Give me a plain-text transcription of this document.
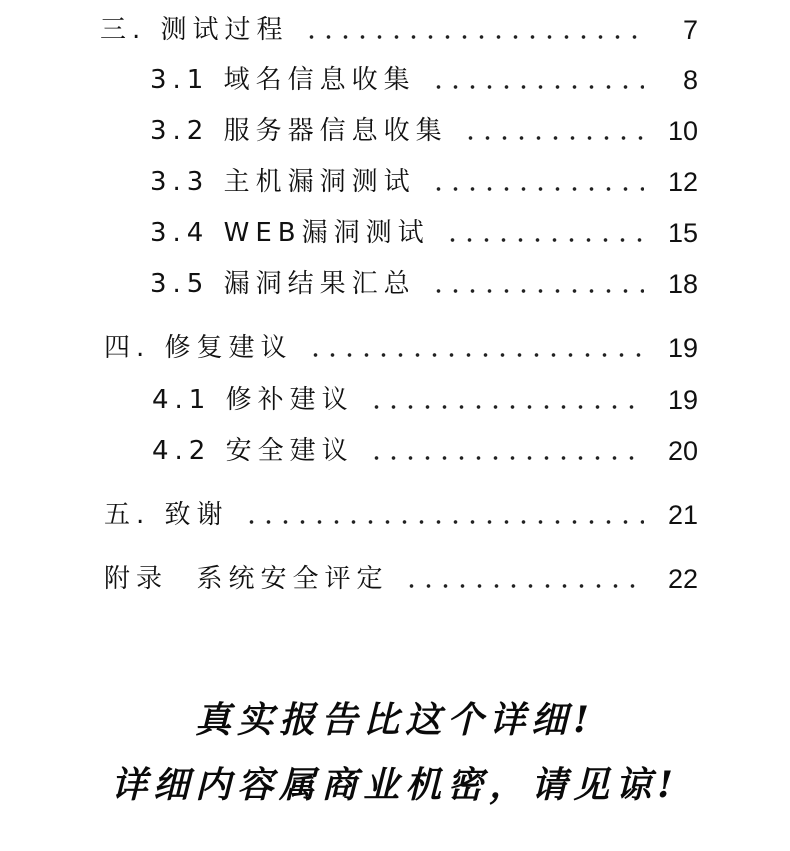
三. 测试过程	7
3.1 域名信息收集	8
3.2 服务器信息收集	10
3.3 主机漏洞测试	12
3.4 WEB漏洞测试	15
3.5 漏洞结果汇总	18
四. 修复建议	19
4.1 修补建议	19
4.2 安全建议	20
五. 致谢	21
附录  系统安全评定	22
真实报告比这个详细!
详细内容属商业机密，请见谅!
